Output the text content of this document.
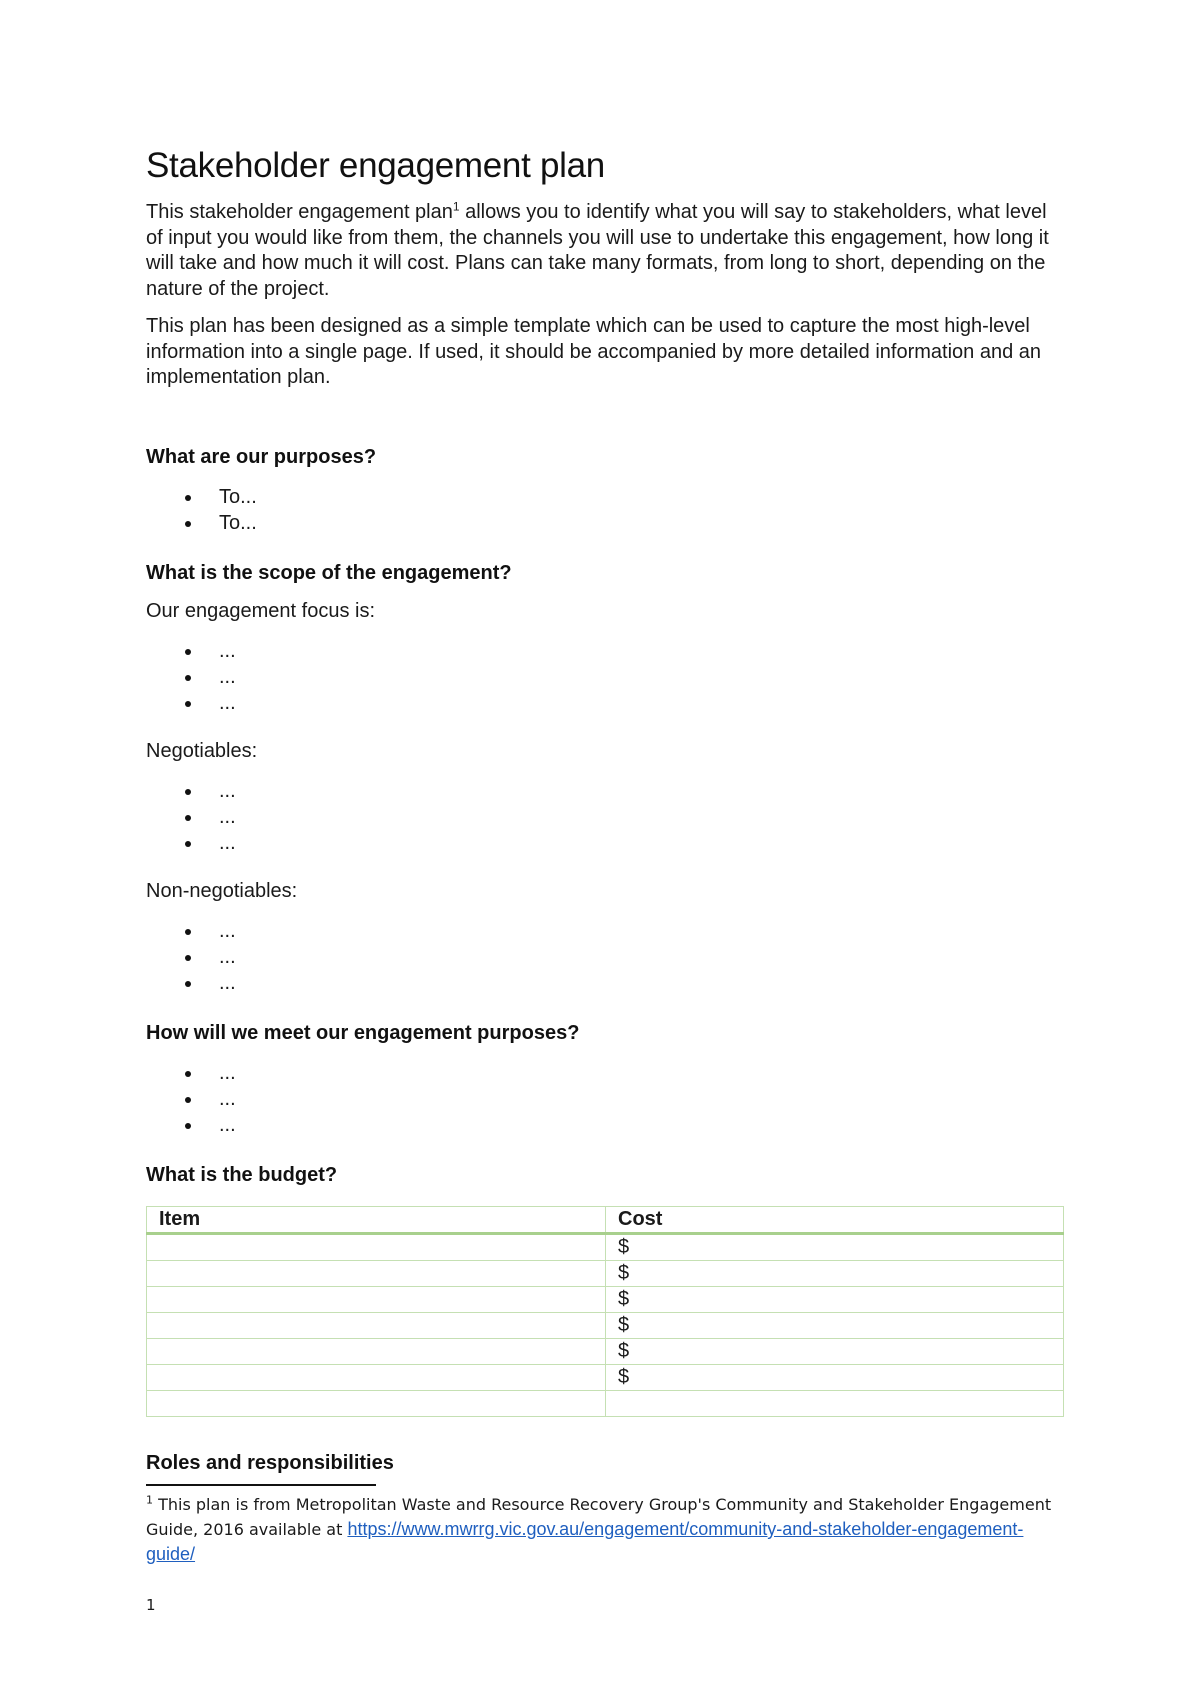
Stakeholder engagement plan

This stakeholder engagement plan$^1$ allows you to identify what you will say to stakeholders, what level of input you would like from them, the channels you will use to undertake this engagement, how long it will take and how much it will cost. Plans can take many formats, from long to short, depending on the nature of the project.

This plan has been designed as a simple template which can be used to capture the most high-level information into a single page. If used, it should be accompanied by more detailed information and an implementation plan.

What are our purposes?
To...
To...
What is the scope of the engagement?

Our engagement focus is:

...
...
...

Negotiables:

...
...
...

Non-negotiables:

...
...
...
How will we meet our engagement purposes?
...
...
...
What is the budget?
Item	Cost
	$
	$
	$
	$
	$
	$

Roles and responsibilities
$^1$ This plan is from Metropolitan Waste and Resource Recovery Group's Community and Stakeholder Engagement Guide, 2016 available at https://www.mwrrg.vic.gov.au/engagement/community-and-stakeholder-engagement-guide/
1
